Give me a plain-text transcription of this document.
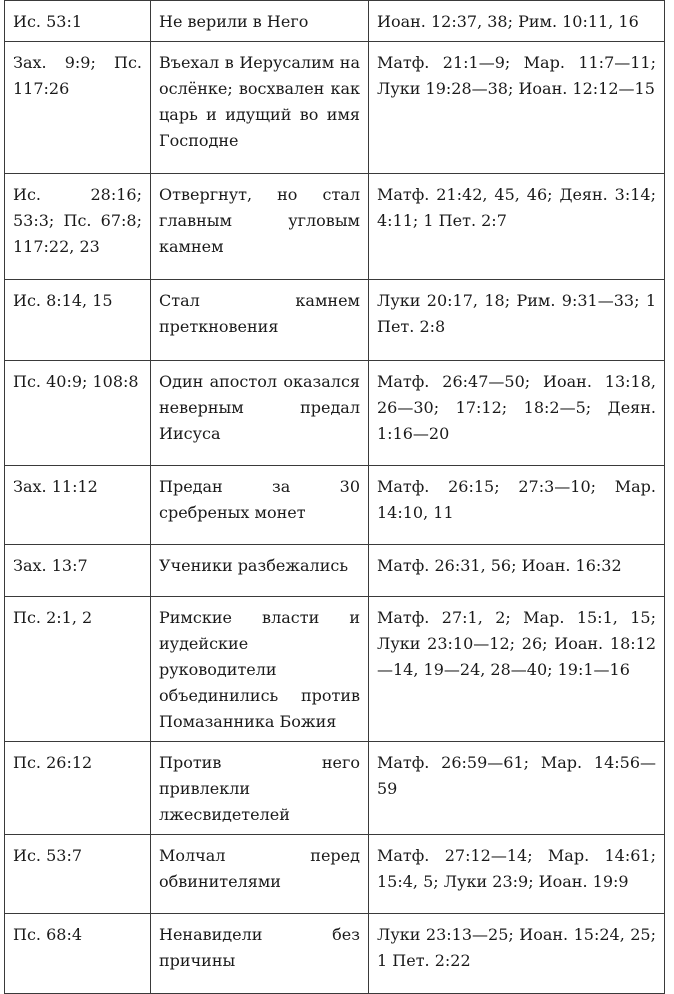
Ис. 53:1	Не верили в Него	Иоан. 12:37, 38; Рим. 10:11, 16
Зах. 9:9; Пс. 117:26	Въехал в Иерусалим на ослёнке; восхвален как царь и идущий во имя Господне	Матф. 21:1—9; Мар. 11:7—11; Луки 19:28—38; Иоан. 12:12—15
Ис. 28:16; 53:3; Пс. 67:8; 117:22, 23	Отвергнут, но стал главным угловым камнем	Матф. 21:42, 45, 46; Деян. 3:14; 4:11; 1 Пет. 2:7
Ис. 8:14, 15	Стал камнем преткновения	Луки 20:17, 18; Рим. 9:31—33; 1 Пет. 2:8
Пс. 40:9; 108:8	Один апостол оказался неверным предал Иисуса	Матф. 26:47—50; Иоан. 13:18, 26—30; 17:12; 18:2—5; Деян. 1:16—20
Зах. 11:12	Предан за 30 сребреных монет	Матф. 26:15; 27:3—10; Мар. 14:10, 11
Зах. 13:7	Ученики разбежались	Матф. 26:31, 56; Иоан. 16:32
Пс. 2:1, 2	Римские власти и иудейские руководители объединились против Помазанника Божия	Матф. 27:1, 2; Мар. 15:1, 15; Луки 23:10—12; 26; Иоан. 18:12—14, 19—24, 28—40; 19:1—16
Пс. 26:12	Против него привлекли лжесвидетелей	Матф. 26:59—61; Мар. 14:56—59
Ис. 53:7	Молчал перед обвинителями	Матф. 27:12—14; Мар. 14:61; 15:4, 5; Луки 23:9; Иоан. 19:9
Пс. 68:4	Ненавидели без причины	Луки 23:13—25; Иоан. 15:24, 25; 1 Пет. 2:22
